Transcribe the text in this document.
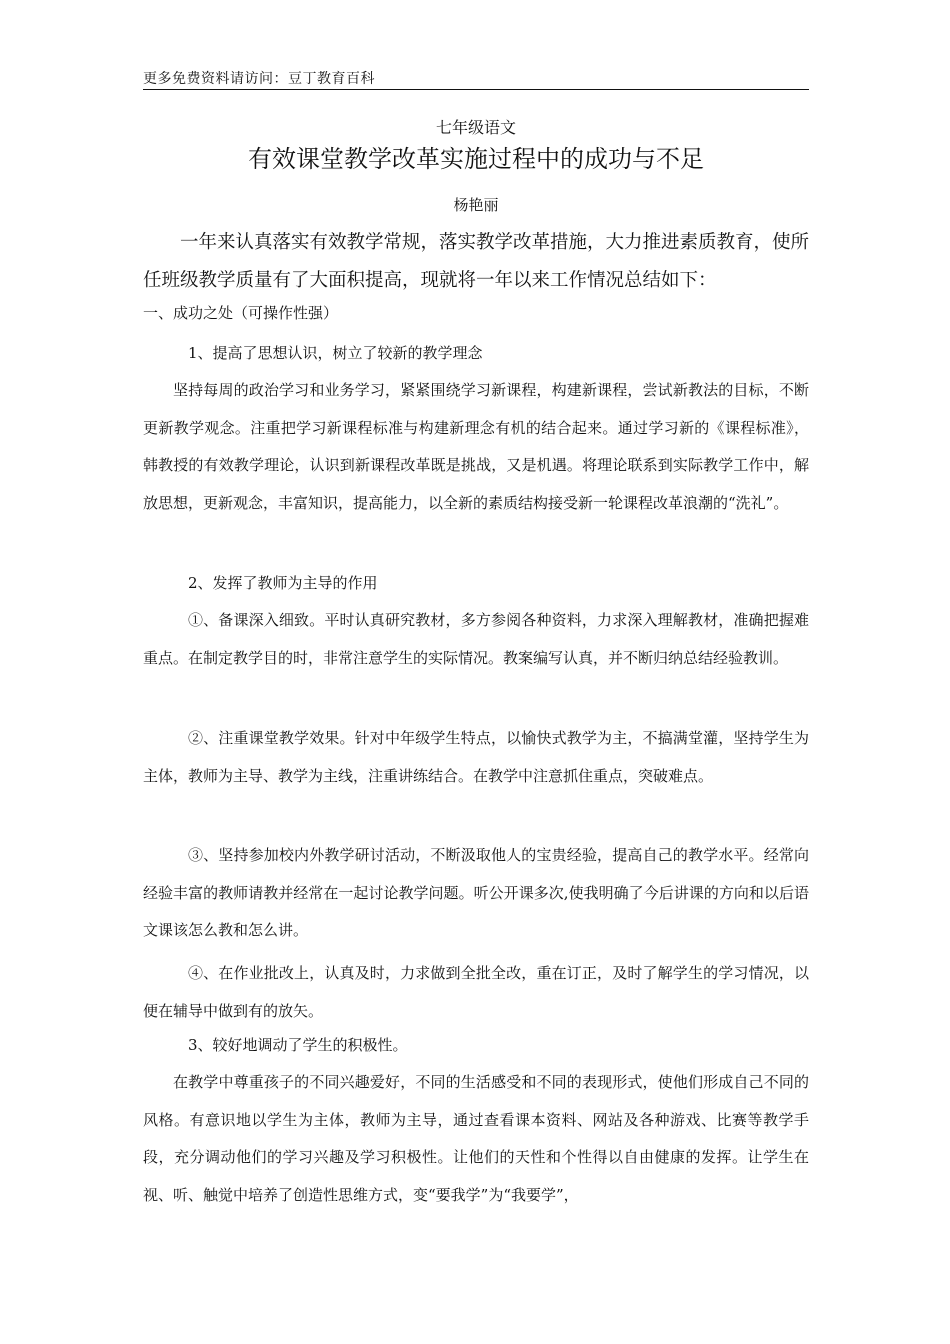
更多免费资料请访问：豆丁教育百科
七年级语文
有效课堂教学改革实施过程中的成功与不足
杨艳丽

一年来认真落实有效教学常规，落实教学改革措施，大力推进素质教育，使所任班级教学质量有了大面积提高，现就将一年以来工作情况总结如下：

一、成功之处（可操作性强）

1、提高了思想认识，树立了较新的教学理念

坚持每周的政治学习和业务学习，紧紧围绕学习新课程，构建新课程，尝试新教法的目标，不断更新教学观念。注重把学习新课程标准与构建新理念有机的结合起来。通过学习新的《课程标准》，韩教授的有效教学理论，认识到新课程改革既是挑战，又是机遇。将理论联系到实际教学工作中，解放思想，更新观念，丰富知识，提高能力，以全新的素质结构接受新一轮课程改革浪潮的“洗礼”。

2、发挥了教师为主导的作用

①、备课深入细致。平时认真研究教材，多方参阅各种资料，力求深入理解教材，准确把握难重点。在制定教学目的时，非常注意学生的实际情况。教案编写认真，并不断归纳总结经验教训。

②、注重课堂教学效果。针对中年级学生特点，以愉快式教学为主，不搞满堂灌，坚持学生为主体，教师为主导、教学为主线，注重讲练结合。在教学中注意抓住重点，突破难点。

③、坚持参加校内外教学研讨活动，不断汲取他人的宝贵经验，提高自己的教学水平。经常向经验丰富的教师请教并经常在一起讨论教学问题。听公开课多次,使我明确了今后讲课的方向和以后语文课该怎么教和怎么讲。

④、在作业批改上，认真及时，力求做到全批全改，重在订正，及时了解学生的学习情况，以便在辅导中做到有的放矢。

3、较好地调动了学生的积极性。

在教学中尊重孩子的不同兴趣爱好，不同的生活感受和不同的表现形式，使他们形成自己不同的风格。有意识地以学生为主体，教师为主导，通过查看课本资料、网站及各种游戏、比赛等教学手段，充分调动他们的学习兴趣及学习积极性。让他们的天性和个性得以自由健康的发挥。让学生在视、听、触觉中培养了创造性思维方式，变“要我学”为“我要学”，
